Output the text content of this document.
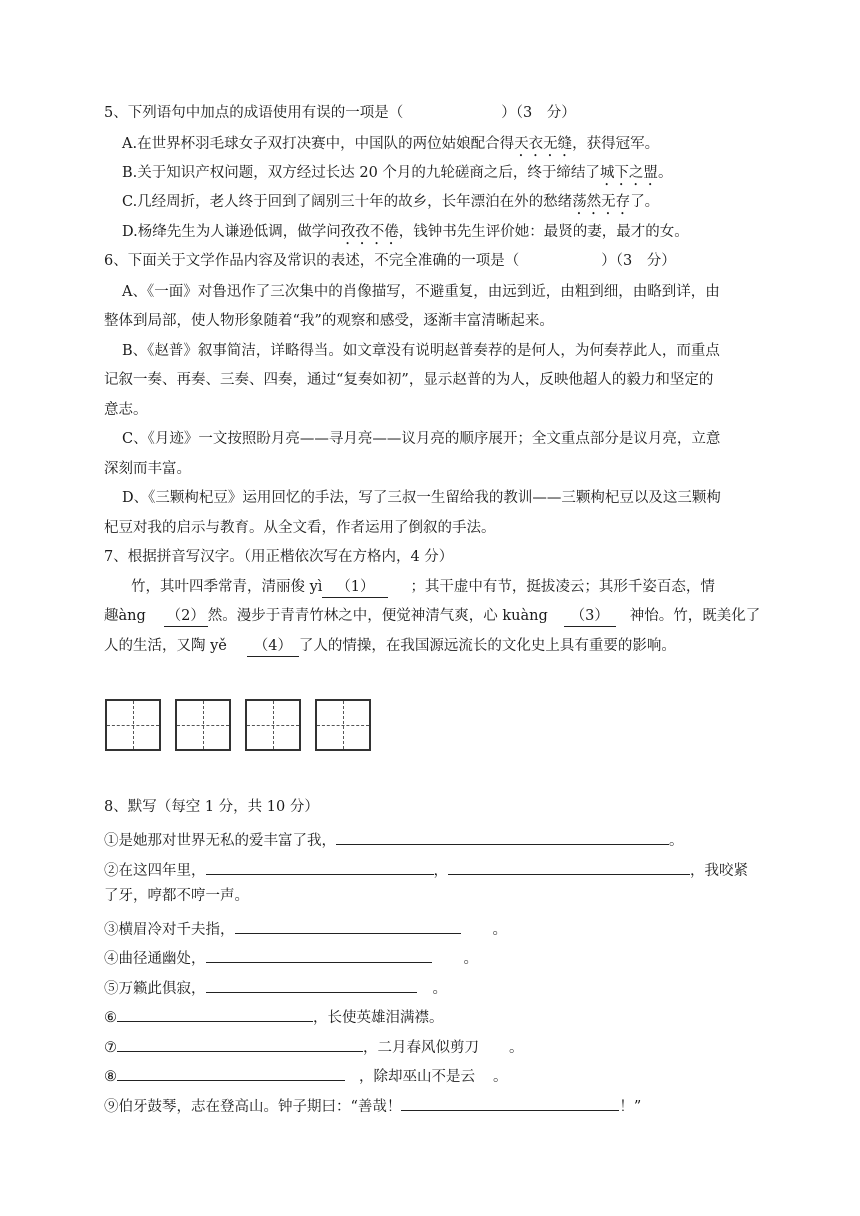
5、下列语句中加点的成语使用有误的一项是（	）（3　分）
A.在世界杯羽毛球女子双打决赛中，中国队的两位姑娘配合得天衣无缝，获得冠军。
B.关于知识产权问题，双方经过长达 20 个月的九轮磋商之后，终于缔结了城下之盟。
C.几经周折，老人终于回到了阔别三十年的故乡，长年漂泊在外的愁绪荡然无存了。
D.杨绛先生为人谦逊低调，做学问孜孜不倦，钱钟书先生评价她：最贤的妻，最才的女。
6、下面关于文学作品内容及常识的表述，不完全准确的一项是（	）（3　分）
A、《一面》对鲁迅作了三次集中的肖像描写，不避重复，由远到近，由粗到细，由略到详，由
整体到局部，使人物形象随着“我”的观察和感受，逐渐丰富清晰起来。
B、《赵普》叙事简洁，详略得当。如文章没有说明赵普奏荐的是何人，为何奏荐此人，而重点
记叙一奏、再奏、三奏、四奏，通过“复奏如初”，显示赵普的为人，反映他超人的毅力和坚定的
意志。
C、《月迹》一文按照盼月亮——寻月亮——议月亮的顺序展开；全文重点部分是议月亮，立意
深刻而丰富。
D、《三颗枸杞豆》运用回忆的手法，写了三叔一生留给我的教训——三颗枸杞豆以及这三颗枸
杞豆对我的启示与教育。从全文看，作者运用了倒叙的手法。
7、根据拼音写汉字。（用正楷依次写在方格内，4 分）
竹，其叶四季常青，清丽俊 yì （1） ；其干虚中有节，挺拔凌云；其形千姿百态，情
趣àng （2） 然。漫步于青青竹林之中，便觉神清气爽，心 kuàng （3） 神怡。竹，既美化了
人的生活，又陶 yě （4） 了人的情操，在我国源远流长的文化史上具有重要的影响。
8、默写（每空 1 分，共 10 分）
①是她那对世界无私的爱丰富了我，	。
②在这四年里，	，	，我咬紧
了牙，哼都不哼一声。
③横眉冷对千夫指，	。
④曲径通幽处，	。
⑤万籁此俱寂，	。
⑥	，长使英雄泪满襟。
⑦	，二月春风似剪刀 。
⑧	，除却巫山不是云 。
⑨伯牙鼓琴，志在登高山。钟子期曰：“善哉！	！”
